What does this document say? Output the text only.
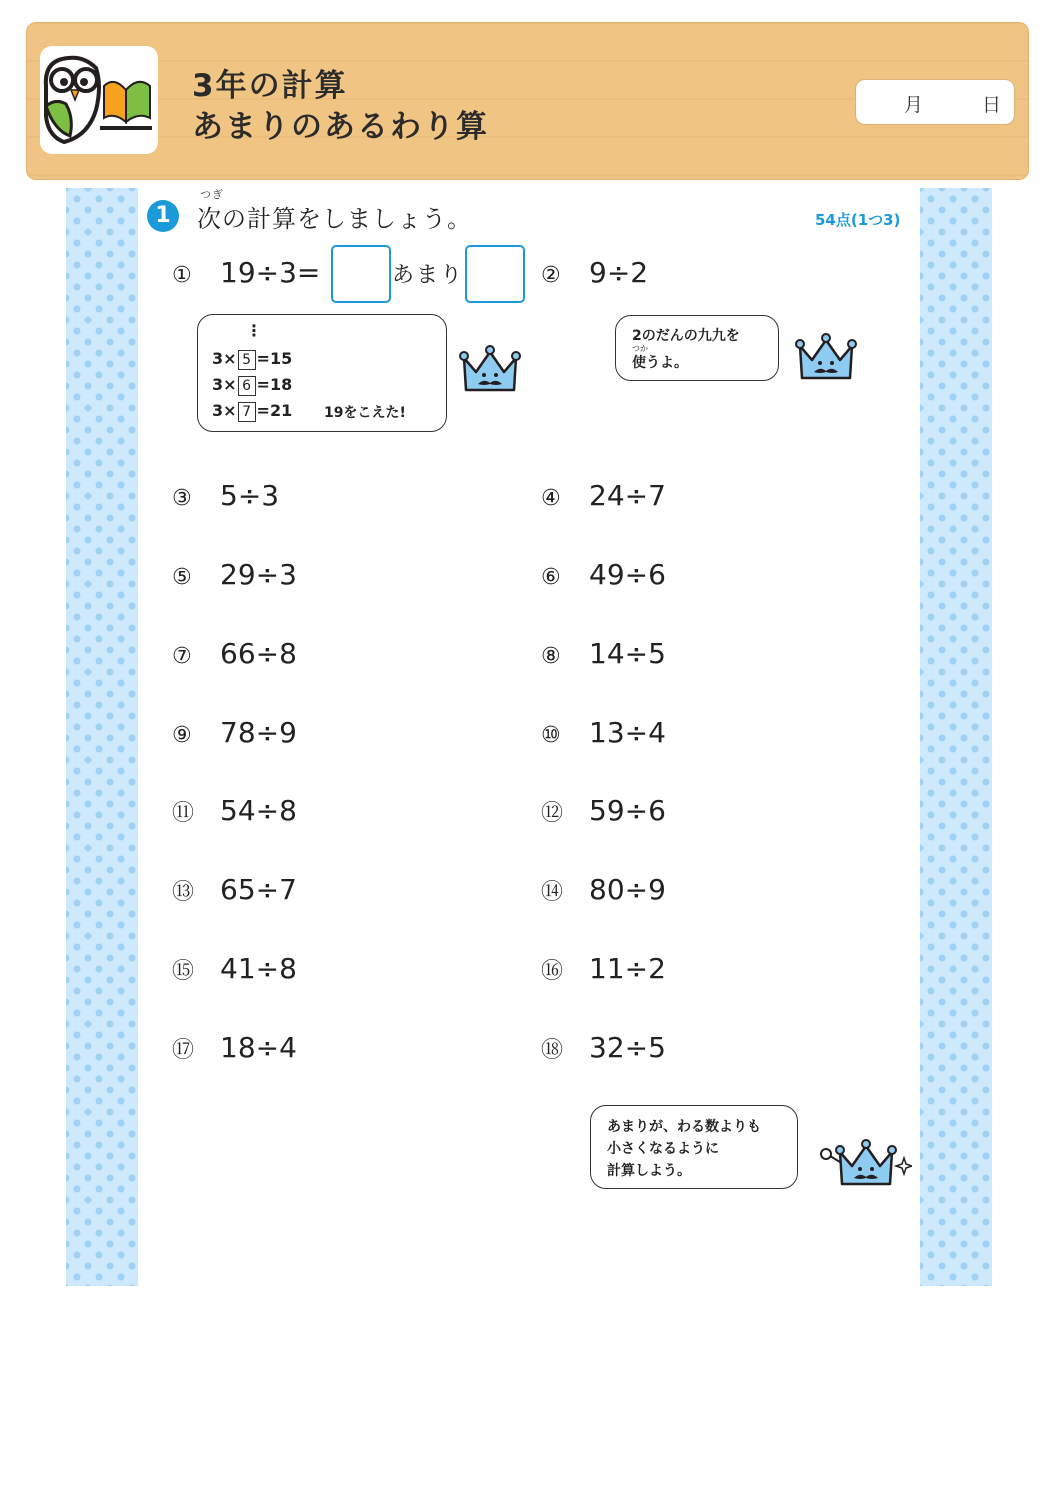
3年の計算
あまりのあるわり算
月	日
1
つぎ
次の計算をしましょう。	54点(1つ3)
① 19÷3=	あまり	② 9÷2
⋮
3× 5 =15
3× 6 =18
3× 7 =21 19をこえた!
2のだんの九九を
つか
使うよ。
③ 5÷3	④ 24÷7
⑤ 29÷3	⑥ 49÷6
⑦ 66÷8	⑧ 14÷5
⑨ 78÷9	⑩ 13÷4
⑪ 54÷8	⑫ 59÷6
⑬ 65÷7	⑭ 80÷9
⑮ 41÷8	⑯ 11÷2
⑰ 18÷4	⑱ 32÷5
あまりが、わる数よりも
小さくなるように
計算しよう。
